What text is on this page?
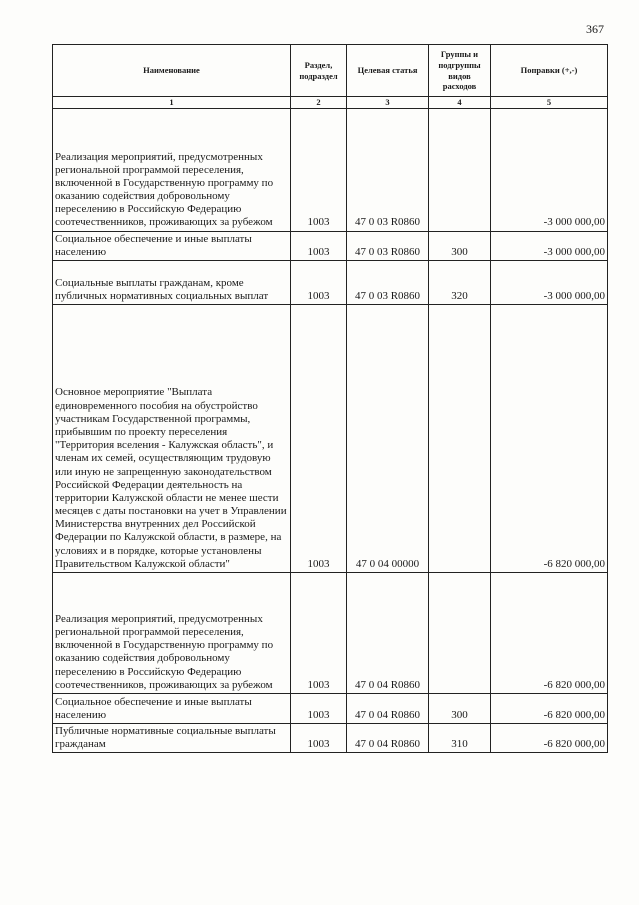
367
Наименование	Раздел, подраздел	Целевая статья	Группы и подгруппы видов расходов	Поправки (+,-)
1	2	3	4	5
Реализация мероприятий, предусмотренных региональной программой переселения, включенной в Государственную программу по оказанию содействия добровольному переселению в Российскую Федерацию соотечественников, проживающих за рубежом	1003	47 0 03 R0860		-3 000 000,00
Социальное обеспечение и иные выплаты населению	1003	47 0 03 R0860	300	-3 000 000,00
Социальные выплаты гражданам, кроме публичных нормативных социальных выплат	1003	47 0 03 R0860	320	-3 000 000,00
Основное мероприятие "Выплата единовременного пособия на обустройство участникам Государственной программы, прибывшим по проекту переселения "Территория вселения - Калужская область", и членам их семей, осуществляющим трудовую или иную не запрещенную законодательством Российской Федерации деятельность на территории Калужской области не менее шести месяцев с даты постановки на учет в Управлении Министерства внутренних дел Российской Федерации по Калужской области, в размере, на условиях и в порядке, которые установлены Правительством Калужской области"	1003	47 0 04 00000		-6 820 000,00
Реализация мероприятий, предусмотренных региональной программой переселения, включенной в Государственную программу по оказанию содействия добровольному переселению в Российскую Федерацию соотечественников, проживающих за рубежом	1003	47 0 04 R0860		-6 820 000,00
Социальное обеспечение и иные выплаты населению	1003	47 0 04 R0860	300	-6 820 000,00
Публичные нормативные социальные выплаты гражданам	1003	47 0 04 R0860	310	-6 820 000,00
